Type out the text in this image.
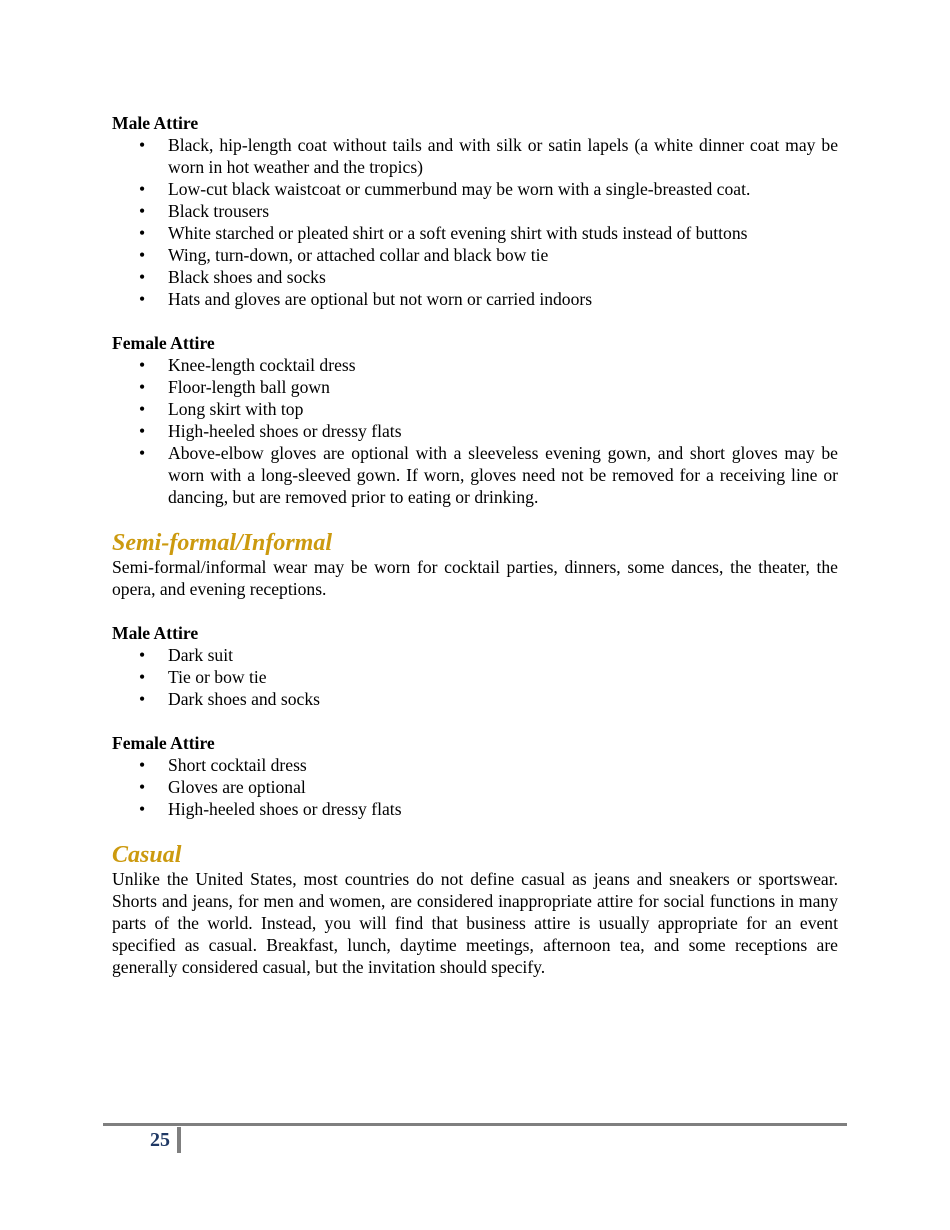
Male Attire

• Black, hip-length coat without tails and with silk or satin lapels (a white dinner coat may be worn in hot weather and the tropics)
• Low-cut black waistcoat or cummerbund may be worn with a single-breasted coat.
• Black trousers
• White starched or pleated shirt or a soft evening shirt with studs instead of buttons
• Wing, turn-down, or attached collar and black bow tie
• Black shoes and socks
• Hats and gloves are optional but not worn or carried indoors

Female Attire

• Knee-length cocktail dress
• Floor-length ball gown
• Long skirt with top
• High-heeled shoes or dressy flats
• Above-elbow gloves are optional with a sleeveless evening gown, and short gloves may be worn with a long-sleeved gown. If worn, gloves need not be removed for a receiving line or dancing, but are removed prior to eating or drinking.
Semi-formal/Informal

Semi-formal/informal wear may be worn for cocktail parties, dinners, some dances, the theater, the opera, and evening receptions.

Male Attire

• Dark suit
• Tie or bow tie
• Dark shoes and socks

Female Attire

• Short cocktail dress
• Gloves are optional
• High-heeled shoes or dressy flats
Casual

Unlike the United States, most countries do not define casual as jeans and sneakers or sportswear. Shorts and jeans, for men and women, are considered inappropriate attire for social functions in many parts of the world. Instead, you will find that business attire is usually appropriate for an event specified as casual. Breakfast, lunch, daytime meetings, afternoon tea, and some receptions are generally considered casual, but the invitation should specify.

25
